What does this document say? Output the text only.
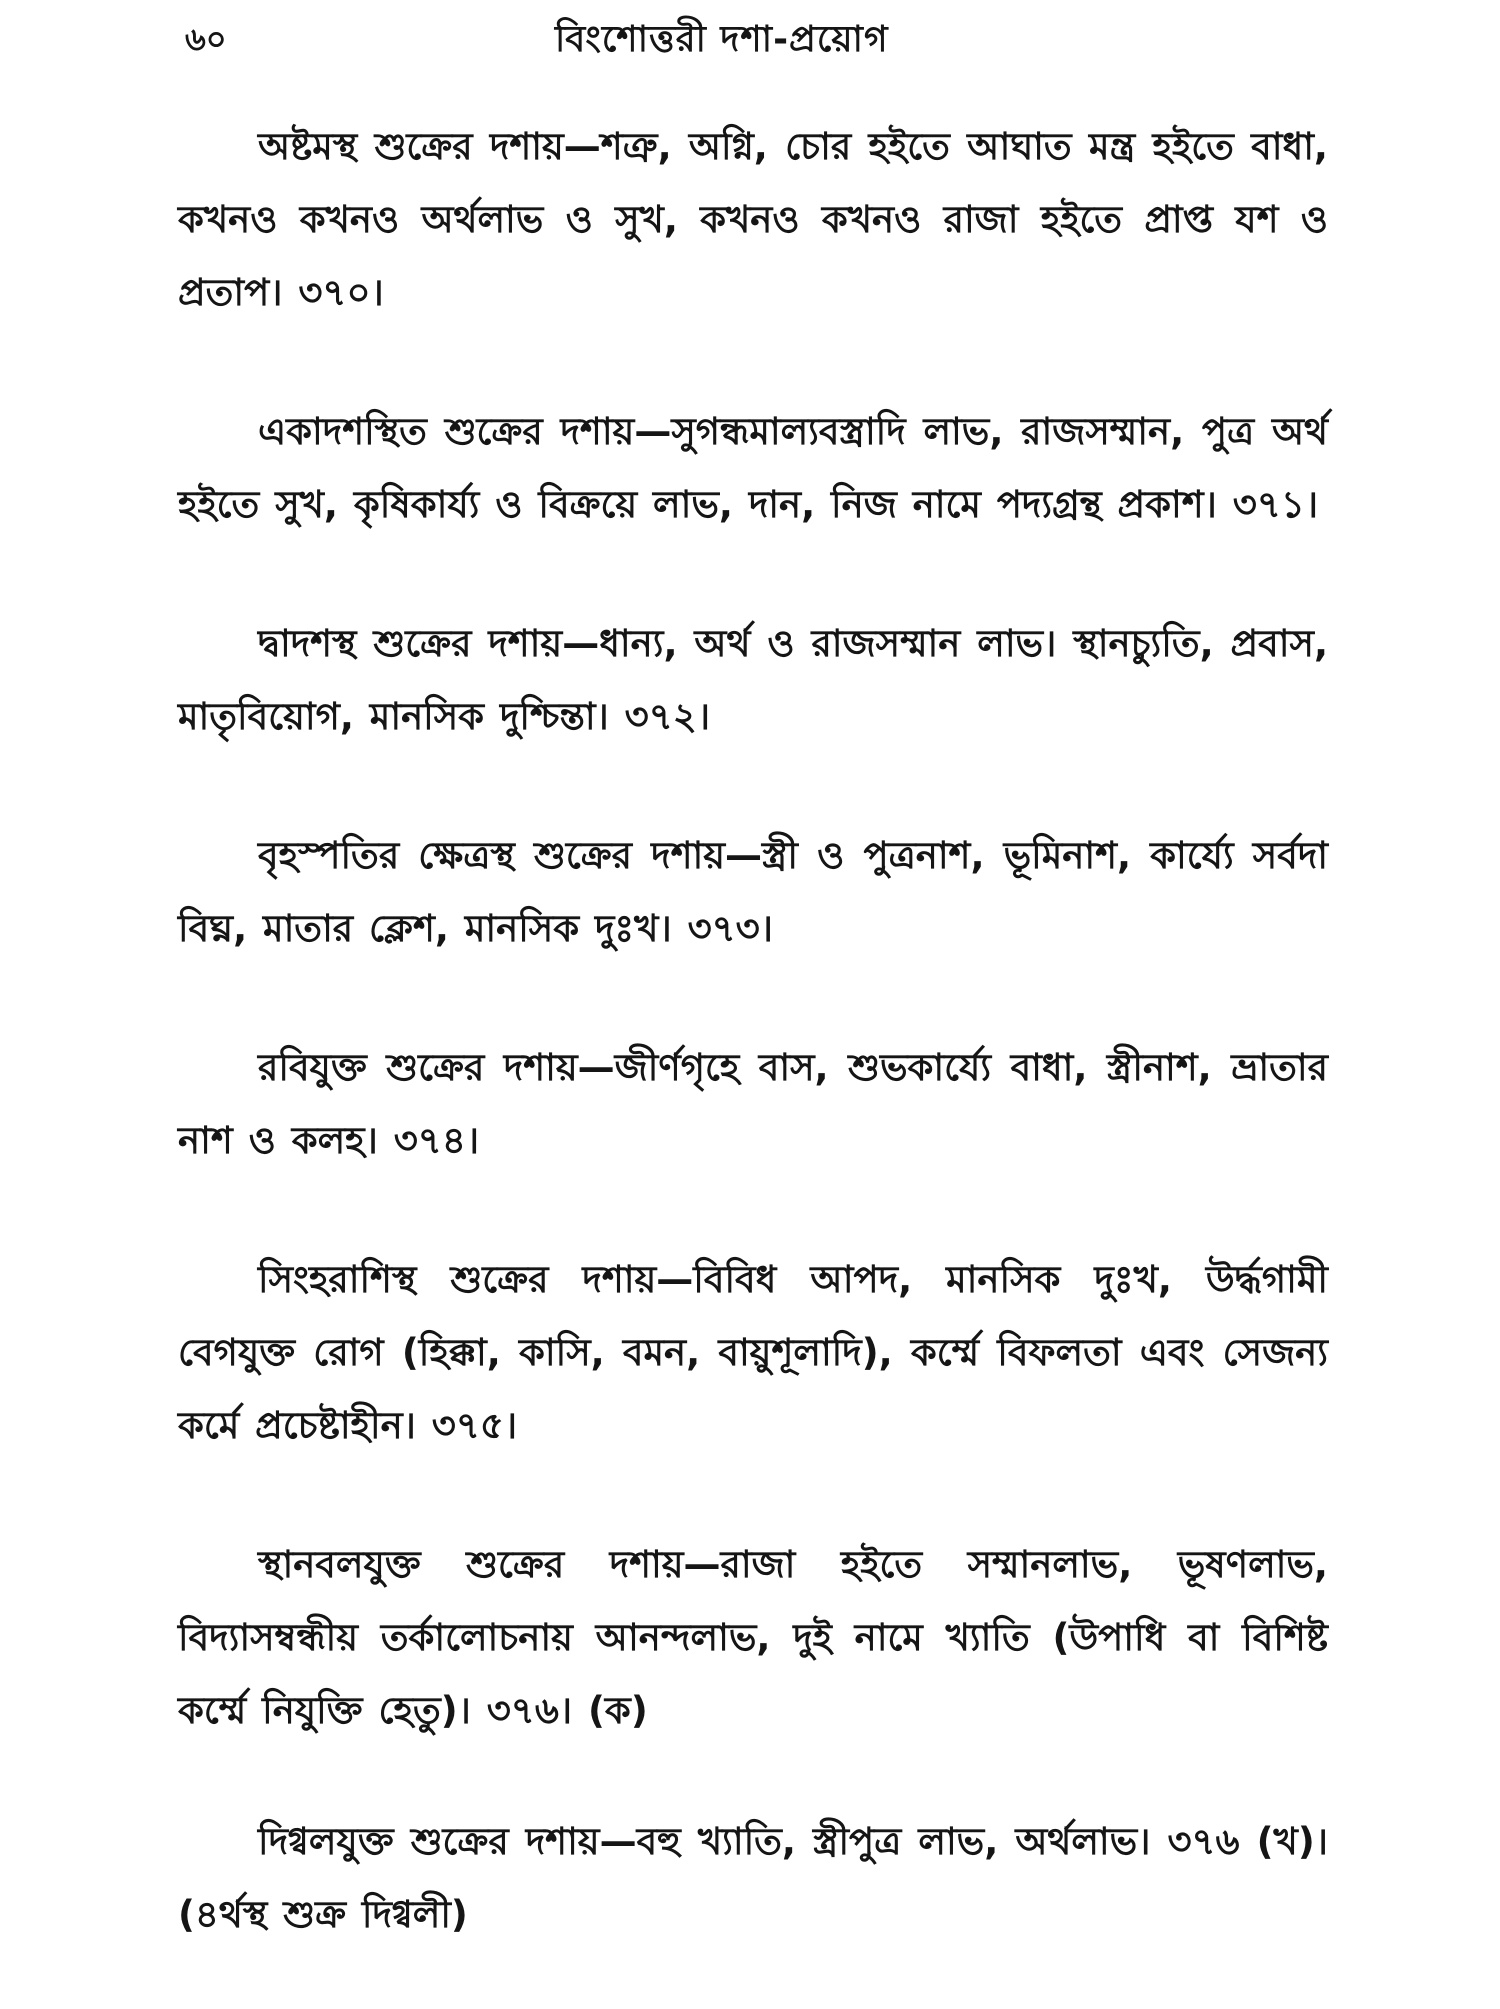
৬০	বিংশোত্তরী দশা-প্রয়োগ

অষ্টমস্থ শুক্রের দশায়—শত্রু, অগ্নি, চোর হইতে আঘাত মন্ত্র হইতে বাধা, কখনও কখনও অর্থলাভ ও সুখ, কখনও কখনও রাজা হইতে প্রাপ্ত যশ ও প্রতাপ। ৩৭০।

একাদশস্থিত শুক্রের দশায়—সুগন্ধমাল্যবস্ত্রাদি লাভ, রাজসম্মান, পুত্র অর্থ হইতে সুখ, কৃষিকার্য্য ও বিক্রয়ে লাভ, দান, নিজ নামে পদ্যগ্রন্থ প্রকাশ। ৩৭১।

দ্বাদশস্থ শুক্রের দশায়—ধান্য, অর্থ ও রাজসম্মান লাভ। স্থানচ্যুতি, প্রবাস, মাতৃবিয়োগ, মানসিক দুশ্চিন্তা। ৩৭২।

বৃহস্পতির ক্ষেত্রস্থ শুক্রের দশায়—স্ত্রী ও পুত্রনাশ, ভূমিনাশ, কার্য্যে সর্বদা বিঘ্ন, মাতার ক্লেশ, মানসিক দুঃখ। ৩৭৩।

রবিযুক্ত শুক্রের দশায়—জীর্ণগৃহে বাস, শুভকার্য্যে বাধা, স্ত্রীনাশ, ভ্রাতার নাশ ও কলহ। ৩৭৪।

সিংহরাশিস্থ শুক্রের দশায়—বিবিধ আপদ, মানসিক দুঃখ, উর্দ্ধগামী বেগযুক্ত রোগ (হিক্কা, কাসি, বমন, বায়ুশূলাদি), কর্ম্মে বিফলতা এবং সেজন্য কর্মে প্রচেষ্টাহীন। ৩৭৫।

স্থানবলযুক্ত শুক্রের দশায়—রাজা হইতে সম্মানলাভ, ভূষণলাভ, বিদ্যাসম্বন্ধীয় তর্কালোচনায় আনন্দলাভ, দুই নামে খ্যাতি (উপাধি বা বিশিষ্ট কর্ম্মে নিযুক্তি হেতু)। ৩৭৬। (ক)

দিগ্বলযুক্ত শুক্রের দশায়—বহু খ্যাতি, স্ত্রীপুত্র লাভ, অর্থলাভ। ৩৭৬ (খ)। (৪র্থস্থ শুক্র দিগ্বলী)
